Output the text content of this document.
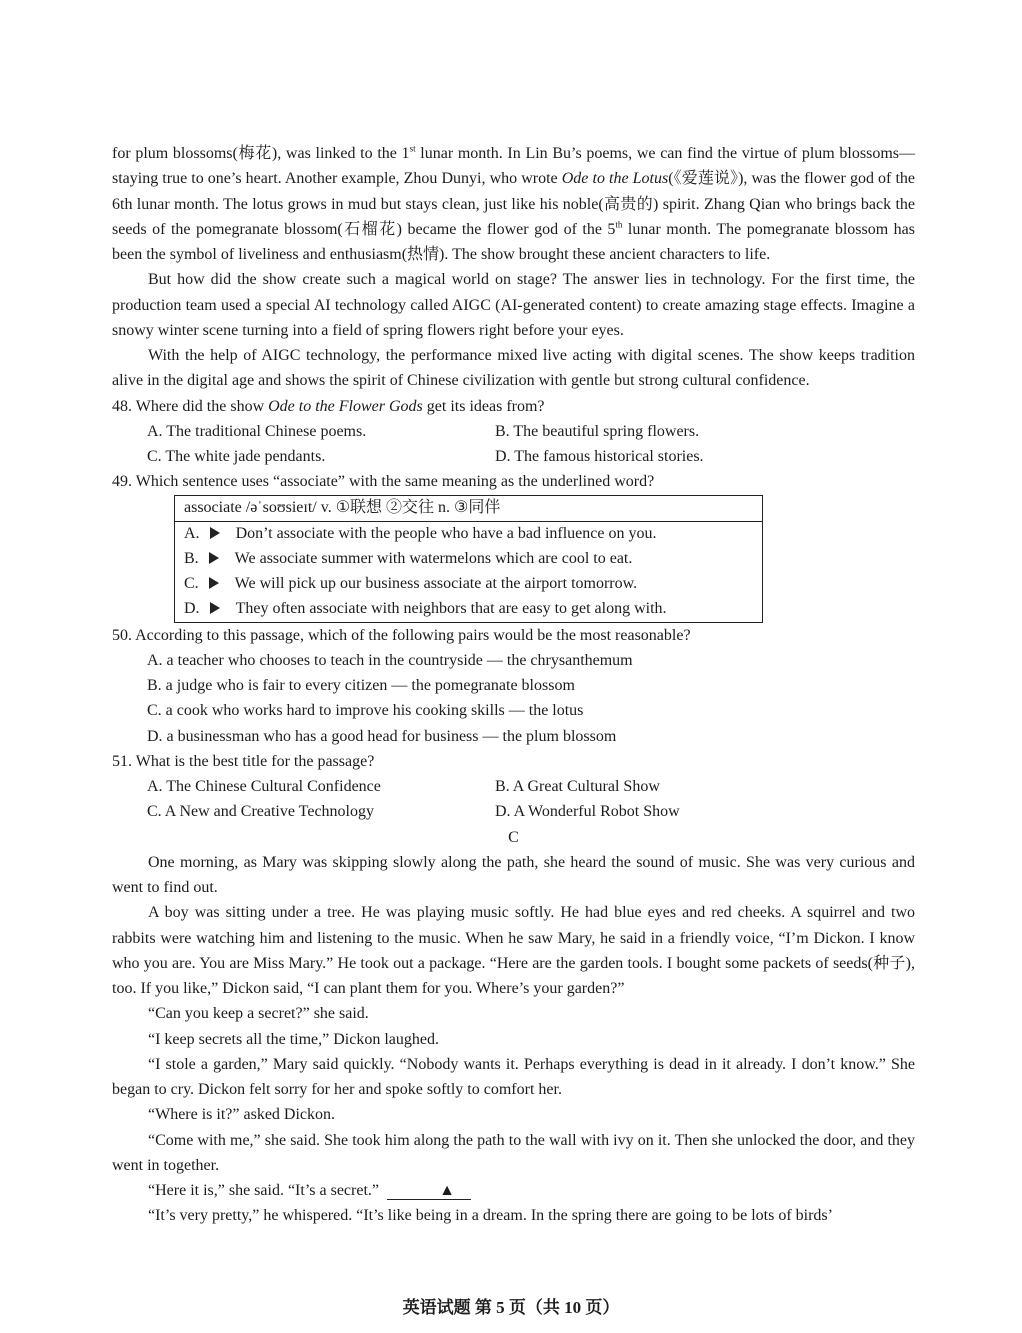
for plum blossoms(梅花), was linked to the 1st lunar month. In Lin Bu’s poems, we can find the virtue of plum blossoms—staying true to one’s heart. Another example, Zhou Dunyi, who wrote Ode to the Lotus(《爱莲说》), was the flower god of the 6th lunar month. The lotus grows in mud but stays clean, just like his noble(高贵的) spirit. Zhang Qian who brings back the seeds of the pomegranate blossom(石榴花) became the flower god of the 5th lunar month. The pomegranate blossom has been the symbol of liveliness and enthusiasm(热情). The show brought these ancient characters to life.

But how did the show create such a magical world on stage? The answer lies in technology. For the first time, the production team used a special AI technology called AIGC (AI-generated content) to create amazing stage effects. Imagine a snowy winter scene turning into a field of spring flowers right before your eyes.

With the help of AIGC technology, the performance mixed live acting with digital scenes. The show keeps tradition alive in the digital age and shows the spirit of Chinese civilization with gentle but strong cultural confidence.

48. Where did the show Ode to the Flower Gods get its ideas from?

A. The traditional Chinese poems.	B. The beautiful spring flowers.
C. The white jade pendants.	D. The famous historical stories.

49. Which sentence uses “associate” with the same meaning as the underlined word?

associate /əˈsoʊsieɪt/ v. ①联想 ②交往 n. ③同伴
A. Don’t associate with the people who have a bad influence on you.
B. We associate summer with watermelons which are cool to eat.
C. We will pick up our business associate at the airport tomorrow.
D. They often associate with neighbors that are easy to get along with.

50. According to this passage, which of the following pairs would be the most reasonable?

A. a teacher who chooses to teach in the countryside — the chrysanthemum

B. a judge who is fair to every citizen — the pomegranate blossom

C. a cook who works hard to improve his cooking skills — the lotus

D. a businessman who has a good head for business — the plum blossom

51. What is the best title for the passage?

A. The Chinese Cultural Confidence	B. A Great Cultural Show
C. A New and Creative Technology	D. A Wonderful Robot Show

C

One morning, as Mary was skipping slowly along the path, she heard the sound of music. She was very curious and went to find out.

A boy was sitting under a tree. He was playing music softly. He had blue eyes and red cheeks. A squirrel and two rabbits were watching him and listening to the music. When he saw Mary, he said in a friendly voice, “I’m Dickon. I know who you are. You are Miss Mary.” He took out a package. “Here are the garden tools. I bought some packets of seeds(种子), too. If you like,” Dickon said, “I can plant them for you. Where’s your garden?”

“Can you keep a secret?” she said.

“I keep secrets all the time,” Dickon laughed.

“I stole a garden,” Mary said quickly. “Nobody wants it. Perhaps everything is dead in it already. I don’t know.” She began to cry. Dickon felt sorry for her and spoke softly to comfort her.

“Where is it?” asked Dickon.

“Come with me,” she said. She took him along the path to the wall with ivy on it. Then she unlocked the door, and they went in together.

“Here it is,” she said. “It’s a secret.”	▲

“It’s very pretty,” he whispered. “It’s like being in a dream. In the spring there are going to be lots of birds’

英语试题 第 5 页（共 10 页）
